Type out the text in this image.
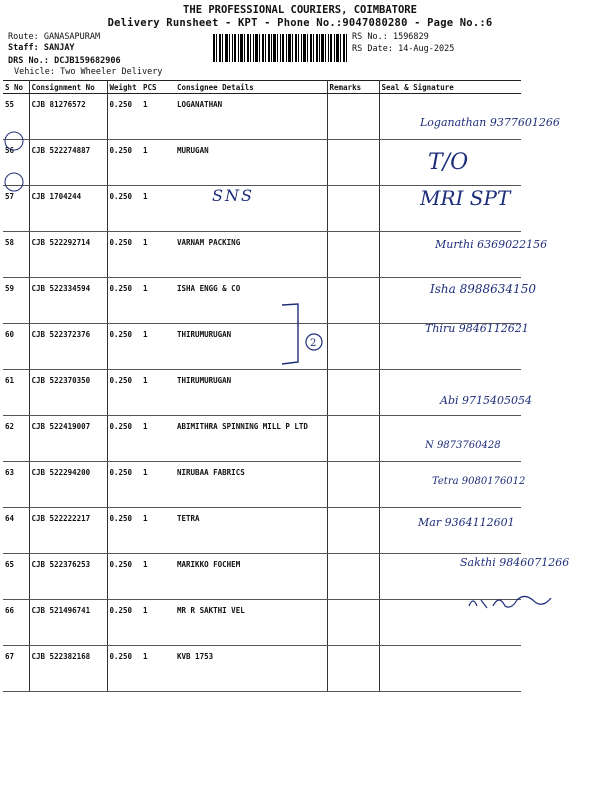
THE PROFESSIONAL COURIERS, COIMBATORE
Delivery Runsheet - KPT - Phone No.:9047080280 - Page No.:6
Route: GANASAPURAM
Staff: SANJAY
DRS No.: DCJB159682906
Vehicle: Two Wheeler Delivery
RS No.: 1596829
RS Date: 14-Aug-2025
S No	Consignment No	Weight	PCS	Consignee Details	Remarks	Seal & Signature
55	CJB 81276572	0.250	1	LOGANATHAN		
56	CJB 522274887	0.250	1	MURUGAN		
57	CJB 1704244	0.250	1			
58	CJB 522292714	0.250	1	VARNAM PACKING		
59	CJB 522334594	0.250	1	ISHA ENGG & CO		
60	CJB 522372376	0.250	1	THIRUMURUGAN		
61	CJB 522370350	0.250	1	THIRUMURUGAN		
62	CJB 522419007	0.250	1	ABIMITHRA SPINNING MILL P LTD		
63	CJB 522294200	0.250	1	NIRUBAA FABRICS		
64	CJB 522222217	0.250	1	TETRA		
65	CJB 522376253	0.250	1	MARIKKO FOCHEM		
66	CJB 521496741	0.250	1	MR R SAKTHI VEL		
67	CJB 522382168	0.250	1	KVB 1753		
SNS
T/O
MRI SPT
2
Loganathan 9377601266
Murthi 6369022156
Isha 8988634150
Thiru 9846112621
Abi 9715405054
N 9873760428
Tetra 9080176012
Mar 9364112601
Sakthi 9846071266
